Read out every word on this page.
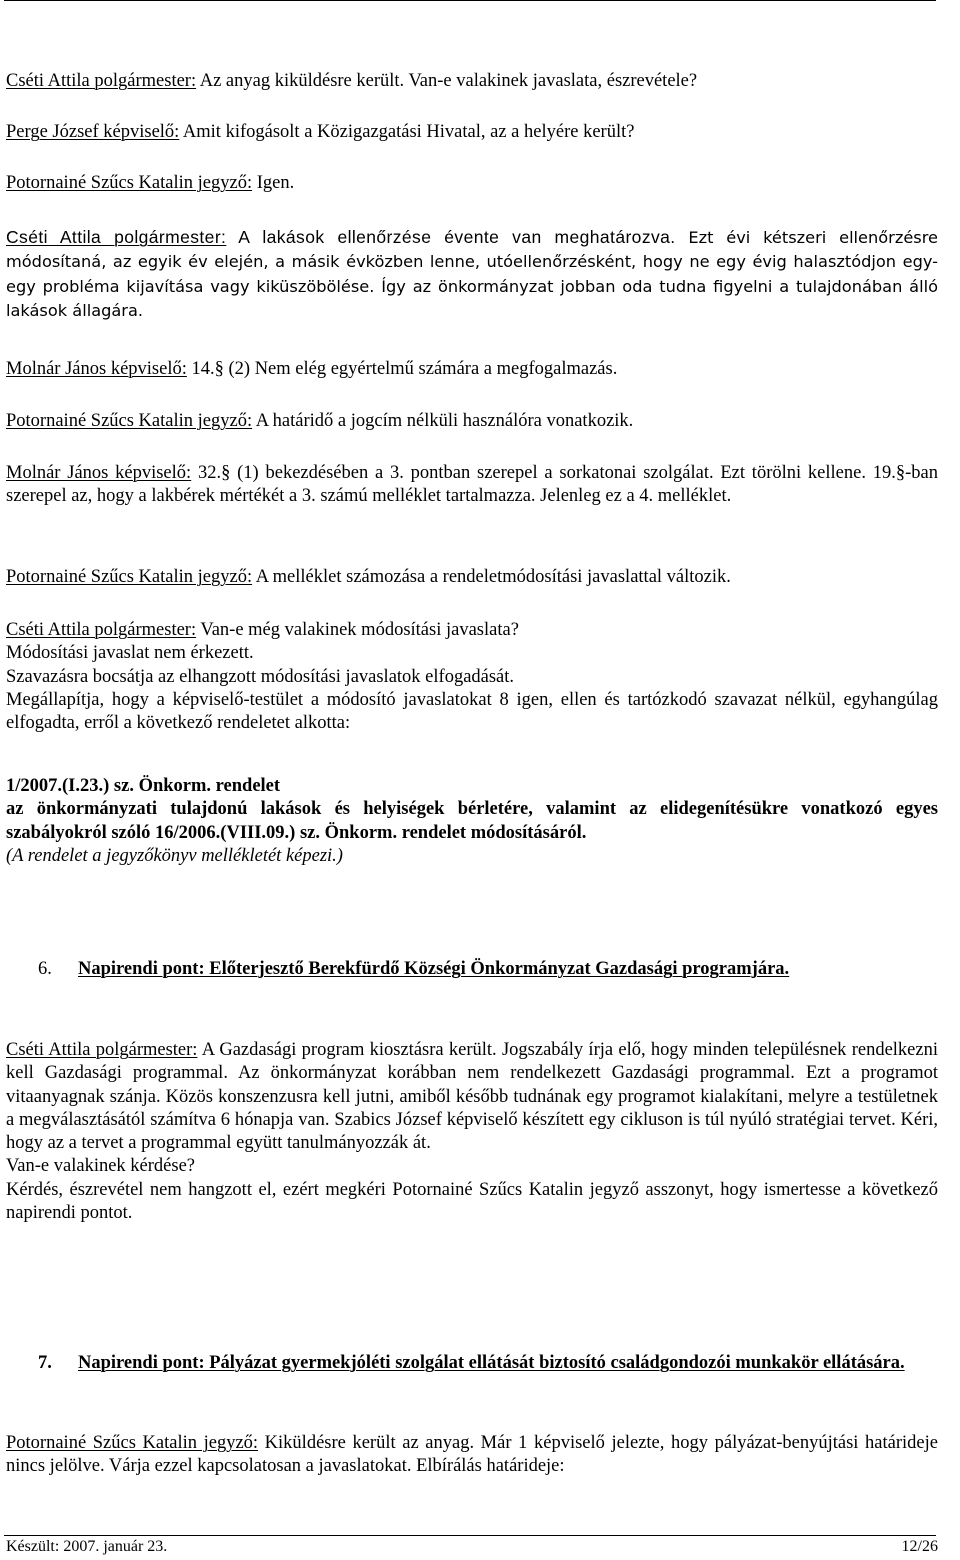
Cséti Attila polgármester: Az anyag kiküldésre került. Van-e valakinek javaslata, észrevétele?

Perge József képviselő: Amit kifogásolt a Közigazgatási Hivatal, az a helyére került?

Potornainé Szűcs Katalin jegyző: Igen.

Cséti Attila polgármester: A lakások ellenőrzése évente van meghatározva. Ezt évi kétszeri ellenőrzésre módosítaná, az egyik év elején, a másik évközben lenne, utóellenőrzésként, hogy ne egy évig halasztódjon egy-egy probléma kijavítása vagy kiküszöbölése. Így az önkormányzat jobban oda tudna figyelni a tulajdonában álló lakások állagára.

Molnár János képviselő: 14.§ (2) Nem elég egyértelmű számára a megfogalmazás.

Potornainé Szűcs Katalin jegyző: A határidő a jogcím nélküli használóra vonatkozik.

Molnár János képviselő: 32.§ (1) bekezdésében a 3. pontban szerepel a sorkatonai szolgálat. Ezt törölni kellene. 19.§-ban szerepel az, hogy a lakbérek mértékét a 3. számú melléklet tartalmazza. Jelenleg ez a 4. melléklet.

Potornainé Szűcs Katalin jegyző: A melléklet számozása a rendeletmódosítási javaslattal változik.

Cséti Attila polgármester: Van-e még valakinek módosítási javaslata?
Módosítási javaslat nem érkezett.
Szavazásra bocsátja az elhangzott módosítási javaslatok elfogadását.
Megállapítja, hogy a képviselő-testület a módosító javaslatokat 8 igen, ellen és tartózkodó szavazat nélkül, egyhangúlag elfogadta, erről a következő rendeletet alkotta:
1/2007.(I.23.) sz. Önkorm. rendelet
az önkormányzati tulajdonú lakások és helyiségek bérletére, valamint az elidegenítésükre vonatkozó egyes szabályokról szóló 16/2006.(VIII.09.) sz. Önkorm. rendelet módosításáról.
(A rendelet a jegyzőkönyv mellékletét képezi.)
6. Napirendi pont: Előterjesztő Berekfürdő Községi Önkormányzat Gazdasági programjára.
Cséti Attila polgármester: A Gazdasági program kiosztásra került. Jogszabály írja elő, hogy minden településnek rendelkezni kell Gazdasági programmal. Az önkormányzat korábban nem rendelkezett Gazdasági programmal. Ezt a programot vitaanyagnak szánja. Közös konszenzusra kell jutni, amiből később tudnának egy programot kialakítani, melyre a testületnek a megválasztásától számítva 6 hónapja van. Szabics József képviselő készített egy cikluson is túl nyúló stratégiai tervet. Kéri, hogy az a tervet a programmal együtt tanulmányozzák át.
Van-e valakinek kérdése?
Kérdés, észrevétel nem hangzott el, ezért megkéri Potornainé Szűcs Katalin jegyző asszonyt, hogy ismertesse a következő napirendi pontot.
7. Napirendi pont: Pályázat gyermekjóléti szolgálat ellátását biztosító családgondozói munkakör ellátására.

Potornainé Szűcs Katalin jegyző: Kiküldésre került az anyag. Már 1 képviselő jelezte, hogy pályázat-benyújtási határideje nincs jelölve. Várja ezzel kapcsolatosan a javaslatokat. Elbírálás határideje:

Készült: 2007. január 23.	12/26
